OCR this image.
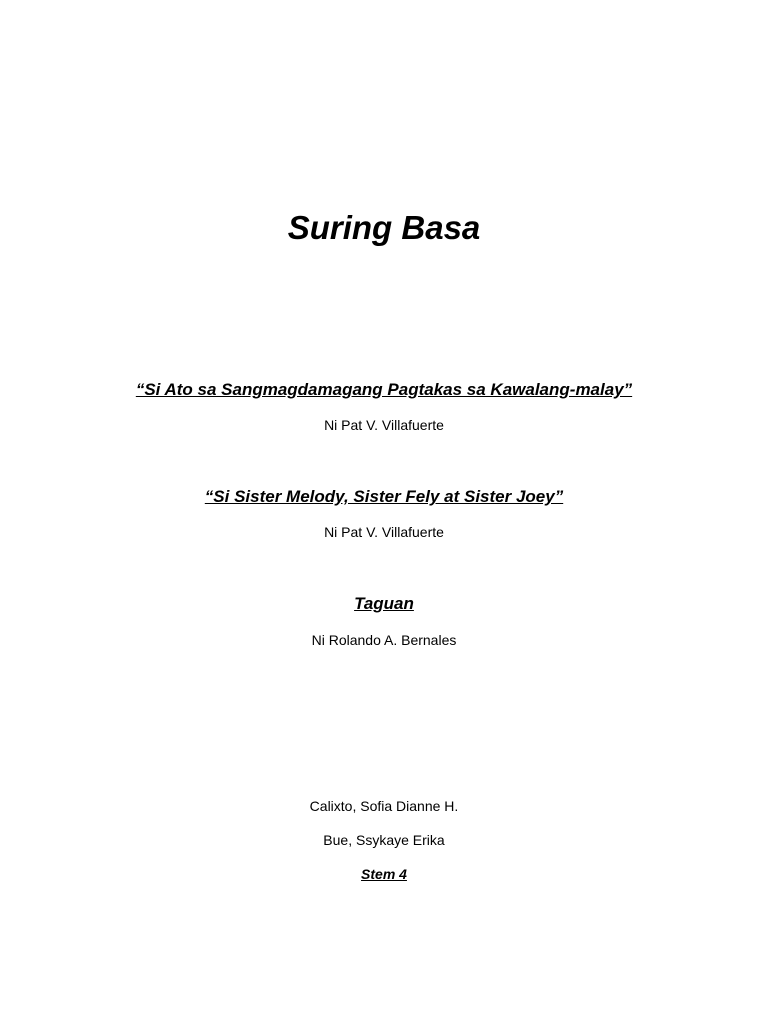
Suring Basa
“Si Ato sa Sangmagdamagang Pagtakas sa Kawalang-malay”
Ni Pat V. Villafuerte
“Si Sister Melody, Sister Fely at Sister Joey”
Ni Pat V. Villafuerte
Taguan
Ni Rolando A. Bernales
Calixto, Sofia Dianne H.
Bue, Ssykaye Erika
Stem 4
